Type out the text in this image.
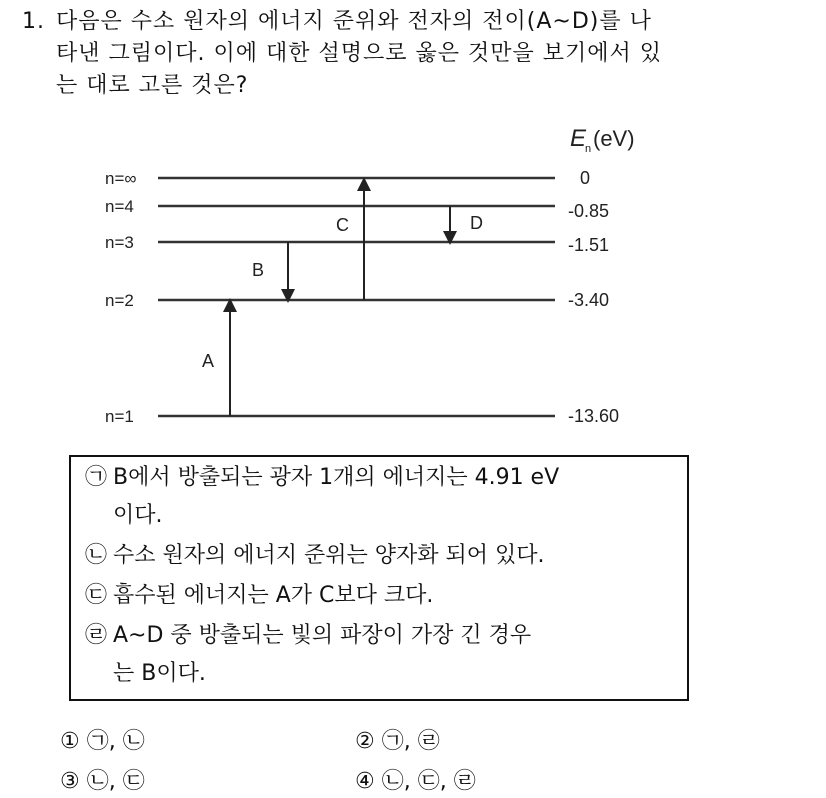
1. 다음은 수소 원자의 에너지 준위와 전자의 전이(A~D)를 나
타낸 그림이다. 이에 대한 설명으로 옳은 것만을 보기에서 있
는 대로 고른 것은?
E
n (eV)
n=∞	0
n=4	-0.85
n=3	-1.51
n=2	-3.40
n=1	-13.60
A
B
C	D
㉠ B에서 방출되는 광자 1개의 에너지는 4.91 eV
이다.
㉡ 수소 원자의 에너지 준위는 양자화 되어 있다.
㉢ 흡수된 에너지는 A가 C보다 크다.
㉣ A~D 중 방출되는 빛의 파장이 가장 긴 경우
는 B이다.
① ㉠, ㉡	② ㉠, ㉣
③ ㉡, ㉢	④ ㉡, ㉢, ㉣
